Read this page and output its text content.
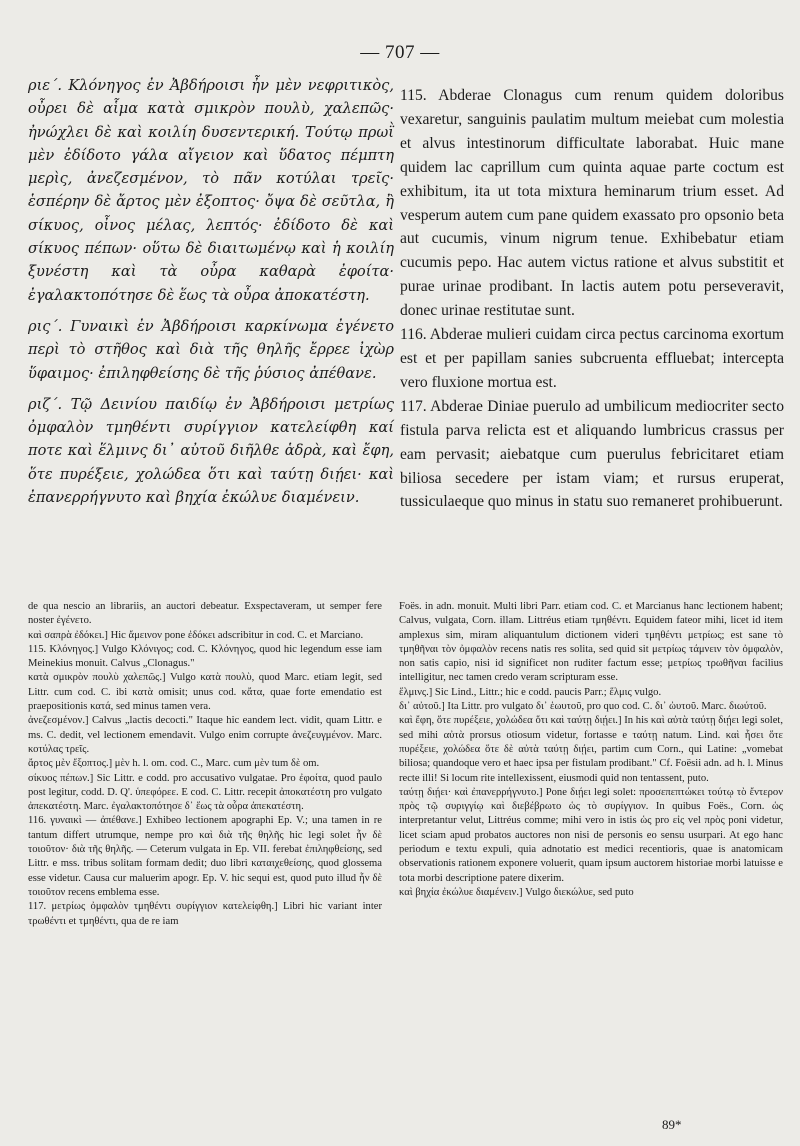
— 707 —

ριε΄. Κλόνηγος ἐν Ἀβδήροισι ἦν μὲν νεφριτικὸς, οὖρει δὲ αἷμα κατὰ σμικρὸν πουλὺ, χαλεπῶς· ἠνώχλει δὲ καὶ κοιλίη δυσεντερική. Τούτῳ πρωῒ μὲν ἐδίδοτο γάλα αἴγειον καὶ ὕδατος πέμπτη μερὶς, ἀνεζεσμένον, τὸ πᾶν κοτύλαι τρεῖς· ἑσπέρην δὲ ἄρτος μὲν ἐξοπτος· ὄψα δὲ σεῦτλα, ἢ σίκυος, οἶνος μέλας, λεπτός· ἐδίδοτο δὲ καὶ σίκυος πέπων· οὕτω δὲ διαιτωμένῳ καὶ ἡ κοιλίη ξυνέστη καὶ τὰ οὖρα καθαρὰ ἐφοίτα· ἐγαλακτοπότησε δὲ ἕως τὰ οὖρα ἀποκατέστη.

ρις΄. Γυναικὶ ἐν Ἀβδήροισι καρκίνωμα ἐγένετο περὶ τὸ στῆθος καὶ διὰ τῆς θηλῆς ἔρρεε ἰχὼρ ὕφαιμος· ἐπιληφθείσης δὲ τῆς ῥύσιος ἀπέθανε.

ριζ΄. Τῷ Δεινίου παιδίῳ ἐν Ἀβδήροισι μετρίως ὀμφαλὸν τμηθέντι συρίγγιον κατελείφθη καί ποτε καὶ ἕλμινς δι᾽ αὐτοῦ διῆλθε ἁδρὰ, καὶ ἔφη, ὅτε πυρέξειε, χολώδεα ὅτι καὶ ταύτῃ διῄει· καὶ ἐπανερρήγνυτο καὶ βηχία ἐκώλυε διαμένειν.

115. Abderae Clonagus cum renum quidem doloribus vexaretur, sanguinis paulatim multum meiebat cum molestia et alvus intestinorum difficultate laborabat. Huic mane quidem lac caprillum cum quinta aquae parte coctum est exhibitum, ita ut tota mixtura heminarum trium esset. Ad vesperum autem cum pane quidem exassato pro opsonio beta aut cucumis, vinum nigrum tenue. Exhibebatur etiam cucumis pepo. Hac autem victus ratione et alvus substitit et purae urinae prodibant. In lactis autem potu perseveravit, donec urinae restitutae sunt.

116. Abderae mulieri cuidam circa pectus carcinoma exortum est et per papillam sanies subcruenta effluebat; intercepta vero fluxione mortua est.

117. Abderae Diniae puerulo ad umbilicum mediocriter secto fistula parva relicta est et aliquando lumbricus crassus per eam pervasit; aiebatque cum puerulus febricitaret etiam biliosa secedere per istam viam; et rursus eruperat, tussiculaeque quo minus in statu suo remaneret prohibuerunt.

de qua nescio an librariis, an auctori debeatur. Exspectaveram, ut semper fere noster ἐγένετο.

καὶ σαπρὰ ἐδόκει.] Hic ἄμεινον pone ἐδόκει adscribitur in cod. C. et Marciano.

115. Κλόνηγος.] Vulgo Κλόνιγος; cod. C. Κλόνηγος, quod hic legendum esse iam Meinekius monuit. Calvus „Clonagus."

κατὰ σμικρὸν πουλὺ χαλεπῶς.] Vulgo κατὰ πουλὺ, quod Marc. etiam legit, sed Littr. cum cod. C. ibi κατὰ omisit; unus cod. κἄτα, quae forte emendatio est praepositionis κατά, sed minus tamen vera.

ἀνεζεσμένον.] Calvus „lactis decocti." Itaque hic eandem lect. vidit, quam Littr. e ms. C. dedit, vel lectionem emendavit. Vulgo enim corrupte ἀνεζευγμένον. Marc. κοτύλας τρεῖς.

ἄρτος μὲν ἔξοπτος.] μὲν h. l. om. cod. C., Marc. cum μὲν tum δὲ om.

σίκυος πέπων.] Sic Littr. e codd. pro accusativo vulgatae. Pro ἐφοίτα, quod paulo post legitur, codd. D. Q'. ὑπεφόρεε. E cod. C. Littr. recepit ἀποκατέστη pro vulgato ἀπεκατέστη. Marc. ἐγαλακτοπότησε δ᾽ ἕως τὰ οὖρα ἀπεκατέστη.

116. γυναικὶ — ἀπέθανε.] Exhibeo lectionem apographi Ep. V.; una tamen in re tantum differt utrumque, nempe pro καὶ διὰ τῆς θηλῆς hic legi solet ἦν δὲ τοιοῦτον· διὰ τῆς θηλῆς. — Ceterum vulgata in Ep. VII. ferebat ἐπιληφθείσης, sed Littr. e mss. tribus solitam formam dedit; duo libri καταιχεθείσης, quod glossema esse videtur. Causa cur maluerim apogr. Ep. V. hic sequi est, quod puto illud ἦν δὲ τοιοῦτον recens emblema esse.

117. μετρίως ὀμφαλὸν τμηθέντι συρίγγιον κατελείφθη.] Libri hic variant inter τρωθέντι et τμηθέντι, qua de re iam

Foës. in adn. monuit. Multi libri Parr. etiam cod. C. et Marcianus hanc lectionem habent; Calvus, vulgata, Corn. illam. Littréus etiam τμηθέντι. Equidem fateor mihi, licet id item amplexus sim, miram aliquantulum dictionem videri τμηθέντι μετρίως; est sane τὸ τμηθῆναι τὸν ὀμφαλὸν recens natis res solita, sed quid sit μετρίως τάμνειν τὸν ὀμφαλὸν, non satis capio, nisi id significet non ruditer factum esse; μετρίως τρωθῆναι facilius intelligitur, nec tamen credo veram scripturam esse.

ἕλμινς.] Sic Lind., Littr.; hic e codd. paucis Parr.; ἕλμις vulgo.

δι᾽ αὐτοῦ.] Ita Littr. pro vulgato δι᾽ ἑωυτοῦ, pro quo cod. C. δι᾽ ὠυτοῦ. Marc. διωύτοῦ.

καὶ ἔφη, ὅτε πυρέξειε, χολώδεα ὅτι καὶ ταύτῃ διῄει.] In his καὶ αὐτὰ ταύτῃ διῄει legi solet, sed mihi αὐτὰ prorsus otiosum videtur, fortasse e ταύτῃ natum. Lind. καὶ ἦσει ὅτε πυρέξειε, χολώδεα ὅτε δὲ αὐτὰ ταύτῃ διῄει, partim cum Corn., qui Latine: „vomebat biliosa; quandoque vero et haec ipsa per fistulam prodibant." Cf. Foësii adn. ad h. l. Minus recte illi! Si locum rite intellexissent, eiusmodi quid non tentassent, puto.

ταύτῃ διῄει· καὶ ἐπανερρήγνυτο.] Pone διῄει legi solet: προσεπεπτώκει τούτῳ τὸ ἔντερον πρὸς τῷ συριγγίῳ καὶ διεβέβρωτο ὡς τὸ συρίγγιον. In quibus Foës., Corn. ὡς interpretantur velut, Littréus comme; mihi vero in istis ὡς pro εἰς vel πρὸς poni videtur, licet sciam apud probatos auctores non nisi de personis eo sensu usurpari. At ego hanc periodum e textu expuli, quia adnotatio est medici recentioris, quae is anatomicam observationis rationem exponere voluerit, quam ipsum auctorem historiae morbi latuisse e tota morbi descriptione patere dixerim.

καὶ βηχία ἐκώλυε διαμένειν.] Vulgo διεκώλυε, sed puto

89*
